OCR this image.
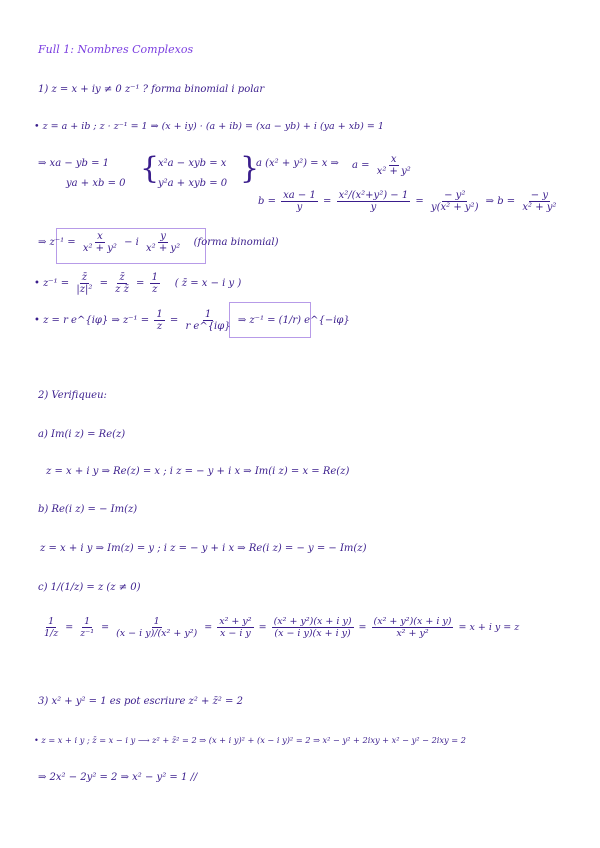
Full 1: Nombres Complexos
1) z = x + iy ≠ 0 z⁻¹ ? forma binomial i polar
• z = a + ib ; z · z⁻¹ = 1 ⇒ (x + iy) · (a + ib) = (xa − yb) + i (ya + xb) = 1
⇒ xa − yb = 1
ya + xb = 0 {
x²a − xyb = x
y²a + xyb = 0 }
a (x² + y²) = x ⇒ $a = \frac{x}{\text{x² + y²}}$
$b = \frac{xa - 1}{y} = \frac{\text{x²/(x²+y²) − 1}}{y} = \frac{\text{− y²}}{\text{y(x² + y²)}}$ ⇒ $b = \frac{- y}{\text{x² + y²}}$
⇒ $z^{-1} = \frac{x}{\text{x² + y²}} - i \frac{y}{\text{x² + y²}}$ (forma binomial)
• $z^{-1} = \frac{z̄}{\text{|z|²}} = \frac{z̄}{\text{z z̄}} = \frac{1}{z}$ ( z̄ = x − i y )
• z = r e^{iφ} ⇒ $z^{-1} = \frac{1}{z} = \frac{1}{\text{r e\textasciicircum{}\{iφ\}}}$ ⇒ z⁻¹ = (1/r) e^{−iφ}
2) Verifiqueu:
a) Im(i z) = Re(z)
z = x + i y ⇒ Re(z) = x ; i z = − y + i x ⇒ Im(i z) = x = Re(z)
b) Re(i z) = − Im(z)
z = x + i y ⇒ Im(z) = y ; i z = − y + i x ⇒ Re(i z) = − y = − Im(z)
c) 1/(1/z) = z (z ≠ 0)
$\frac{1}{1/z} = \frac{1}{\text{z⁻¹}} = \frac{1}{\text{(x − i y)/(x² + y²)}} = \frac{\text{x² + y²}}{\text{x − i y}} = \frac{\text{(x² + y²)(x + i y)}}{\text{(x − i y)(x + i y)}} = \frac{\text{(x² + y²)(x + i y)}}{\text{x² + y²}} = x + i$ y = z
3) x² + y² = 1 es pot escriure z² + z̄² = 2
• z = x + i y ; z̄ = x − i y ⟶ z² + z̄² = 2 ⇒ (x + i y)² + (x − i y)² = 2 ⇒ x² − y² + 2ixy + x² − y² − 2ixy = 2
⇒ 2x² − 2y² = 2 ⇒ x² − y² = 1 //
